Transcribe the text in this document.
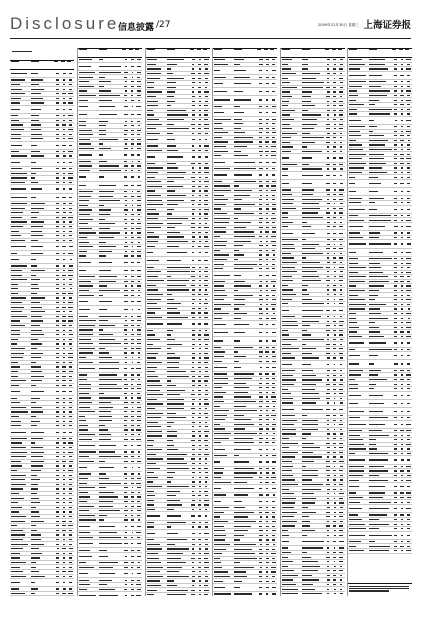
Disclosure
信息披露 /27	2009年12月30日 星期三 上海证券报
